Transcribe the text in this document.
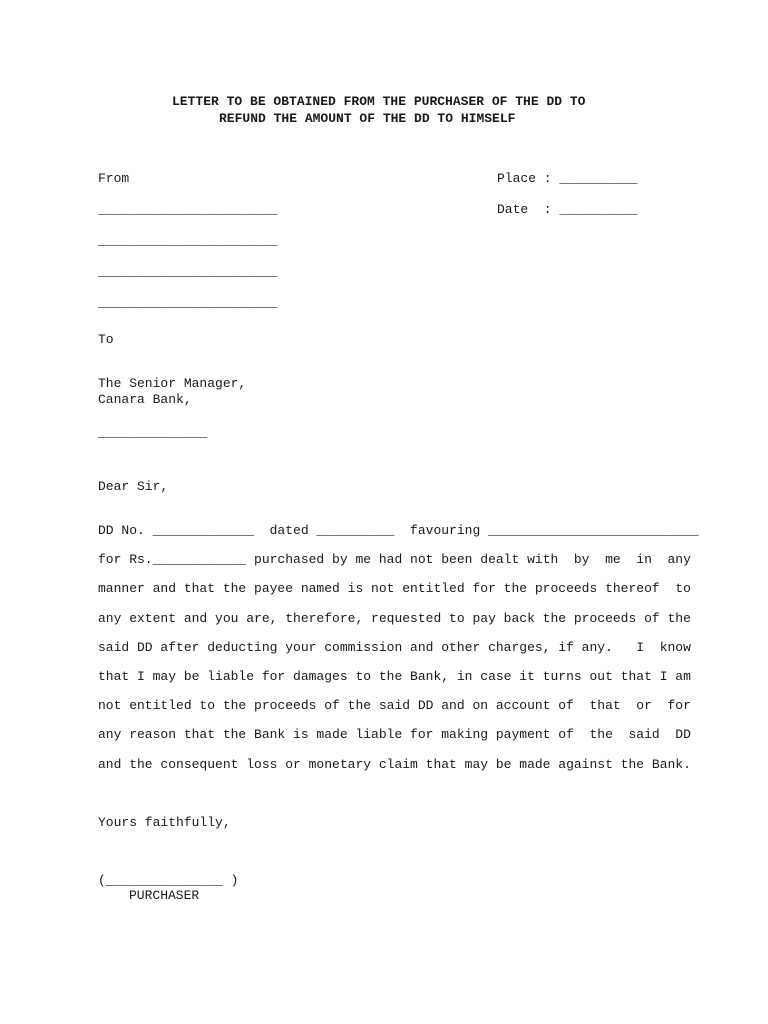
LETTER TO BE OBTAINED FROM THE PURCHASER OF THE DD TO
REFUND THE AMOUNT OF THE DD TO HIMSELF
From
_______________________
_______________________
_______________________
_______________________
Place : __________
Date  : __________
To
The Senior Manager,
Canara Bank,
______________
Dear Sir,
DD No. _____________  dated __________  favouring ___________________________
for Rs.____________ purchased by me had not been dealt with  by  me  in  any
manner and that the payee named is not entitled for the proceeds thereof  to
any extent and you are, therefore, requested to pay back the proceeds of the
said DD after deducting your commission and other charges, if any.   I  know
that I may be liable for damages to the Bank, in case it turns out that I am
not entitled to the proceeds of the said DD and on account of  that  or  for
any reason that the Bank is made liable for making payment of  the  said  DD
and the consequent loss or monetary claim that may be made against the Bank.
Yours faithfully,
(_______________ )
PURCHASER
